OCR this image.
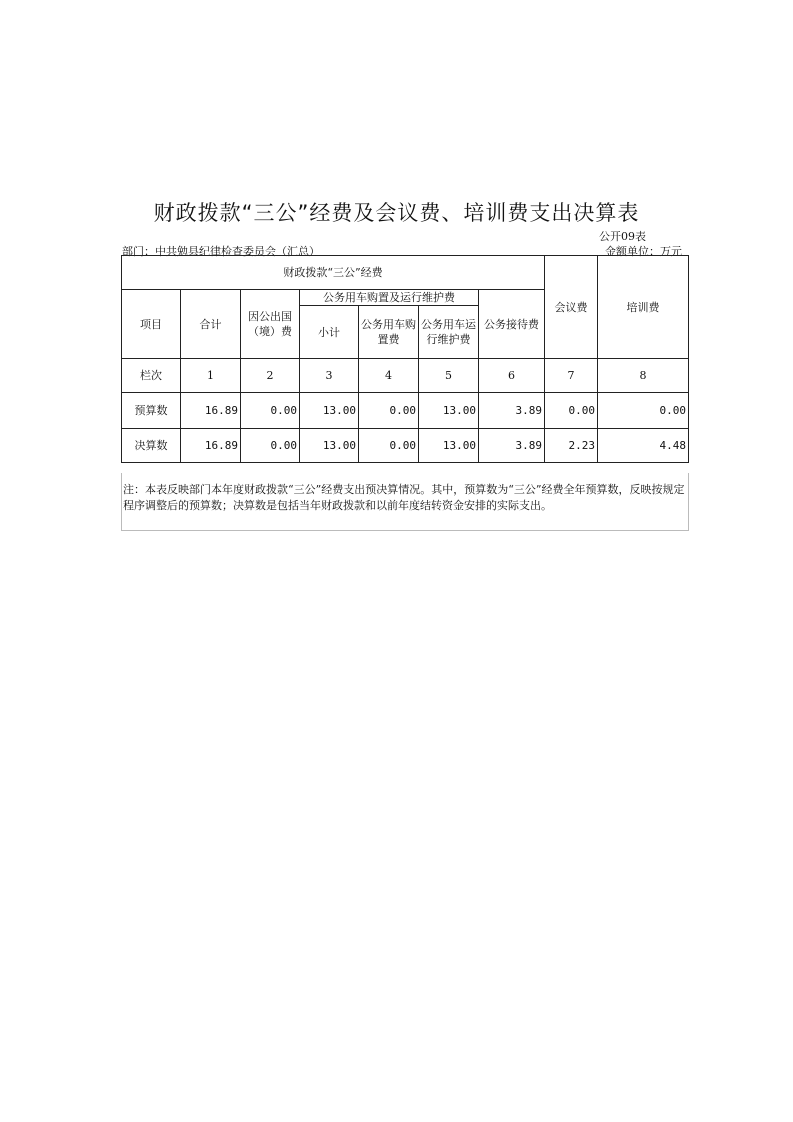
财政拨款“三公”经费及会议费、培训费支出决算表
公开09表
部门：中共勉县纪律检查委员会（汇总）	金额单位：万元
财政拨款“三公”经费							会议费	培训费
项目	合计	因公出国（境）费	公务用车购置及运行维护费			公务接待费		
			小计	公务用车购置费	公务用车运行维护费			
栏次	1	2	3	4	5	6	7	8
预算数	16.89	0.00	13.00	0.00	13.00	3.89	0.00	0.00
决算数	16.89	0.00	13.00	0.00	13.00	3.89	2.23	4.48
注：本表反映部门本年度财政拨款“三公”经费支出预决算情况。其中，预算数为“三公”经费全年预算数，反映按规定程序调整后的预算数；决算数是包括当年财政拨款和以前年度结转资金安排的实际支出。
